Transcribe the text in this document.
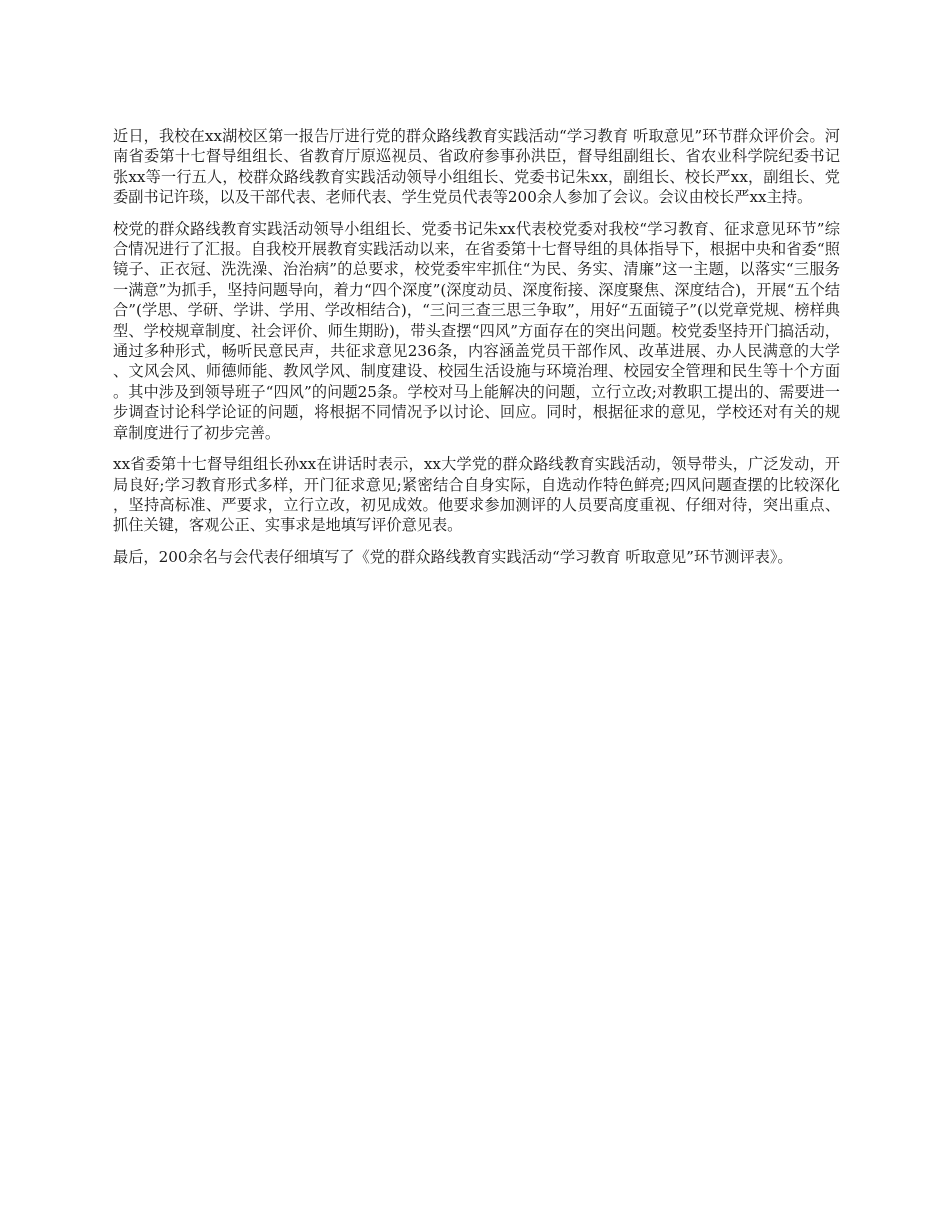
近日，我校在xx湖校区第一报告厅进行党的群众路线教育实践活动“学习教育 听取意见”环节群众评价会。河南省委第十七督导组组长、省教育厅原巡视员、省政府参事孙洪臣，督导组副组长、省农业科学院纪委书记张xx等一行五人，校群众路线教育实践活动领导小组组长、党委书记朱xx，副组长、校长严xx，副组长、党委副书记许琰，以及干部代表、老师代表、学生党员代表等200余人参加了会议。会议由校长严xx主持。

校党的群众路线教育实践活动领导小组组长、党委书记朱xx代表校党委对我校“学习教育、征求意见环节”综合情况进行了汇报。自我校开展教育实践活动以来，在省委第十七督导组的具体指导下，根据中央和省委“照镜子、正衣冠、洗洗澡、治治病”的总要求，校党委牢牢抓住“为民、务实、清廉”这一主题，以落实“三服务一满意”为抓手，坚持问题导向，着力“四个深度”(深度动员、深度衔接、深度聚焦、深度结合)，开展“五个结合”(学思、学研、学讲、学用、学改相结合)，“三问三查三思三争取”，用好“五面镜子”(以党章党规、榜样典型、学校规章制度、社会评价、师生期盼)，带头查摆“四风”方面存在的突出问题。校党委坚持开门搞活动，通过多种形式，畅听民意民声，共征求意见236条，内容涵盖党员干部作风、改革进展、办人民满意的大学、文风会风、师德师能、教风学风、制度建设、校园生活设施与环境治理、校园安全管理和民生等十个方面。其中涉及到领导班子“四风”的问题25条。学校对马上能解决的问题，立行立改;对教职工提出的、需要进一步调查讨论科学论证的问题，将根据不同情况予以讨论、回应。同时，根据征求的意见，学校还对有关的规章制度进行了初步完善。

xx省委第十七督导组组长孙xx在讲话时表示，xx大学党的群众路线教育实践活动，领导带头，广泛发动，开局良好;学习教育形式多样，开门征求意见;紧密结合自身实际，自选动作特色鲜亮;四风问题查摆的比较深化，坚持高标准、严要求，立行立改，初见成效。他要求参加测评的人员要高度重视、仔细对待，突出重点、抓住关键，客观公正、实事求是地填写评价意见表。

最后，200余名与会代表仔细填写了《党的群众路线教育实践活动“学习教育 听取意见”环节测评表》。
